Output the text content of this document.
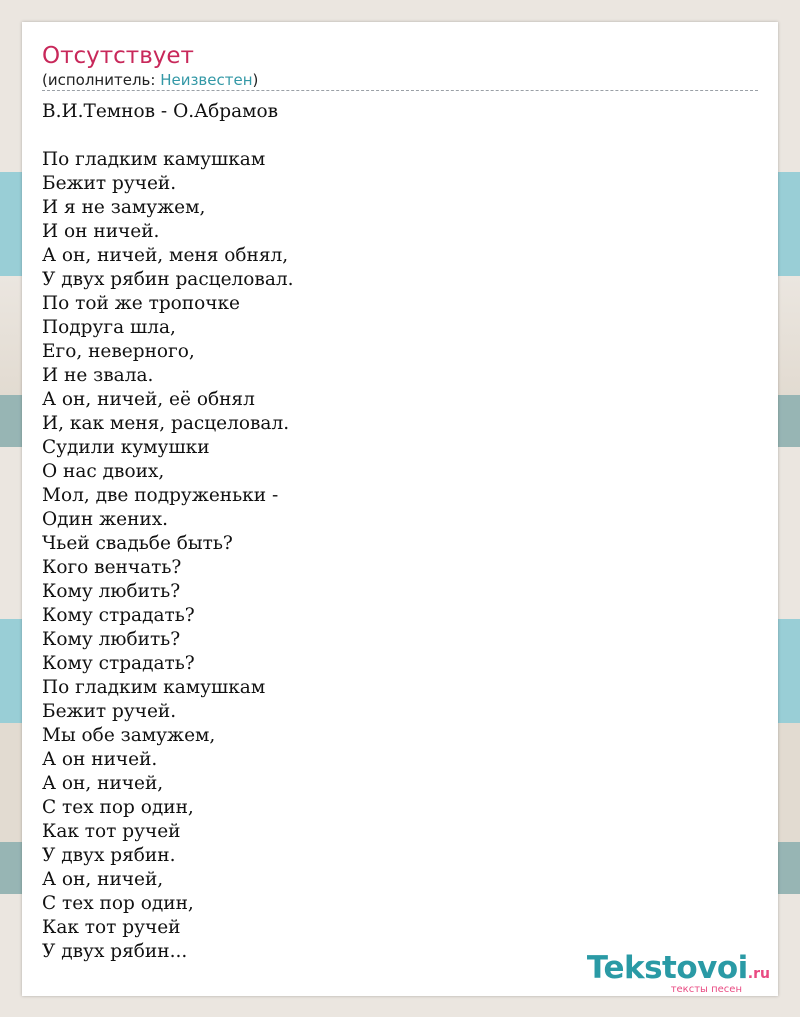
Отсутствует
(исполнитель: Неизвестен)
В.И.Темнов - О.Абрамов
По гладким камушкам
Бежит ручей.
И я не замужем,
И он ничей.
А он, ничей, меня обнял,
У двух рябин расцеловал.
По той же тропочке
Подруга шла,
Его, неверного,
И не звала.
А он, ничей, её обнял
И, как меня, расцеловал.
Судили кумушки
О нас двоих,
Мол, две подруженьки -
Один жених.
Чьей свадьбе быть?
Кого венчать?
Кому любить?
Кому страдать?
Кому любить?
Кому страдать?
По гладким камушкам
Бежит ручей.
Мы обе замужем,
А он ничей.
А он, ничей,
С тех пор один,
Как тот ручей
У двух рябин.
А он, ничей,
С тех пор один,
Как тот ручей
У двух рябин...	Tekstovoi.ru
тексты песен
